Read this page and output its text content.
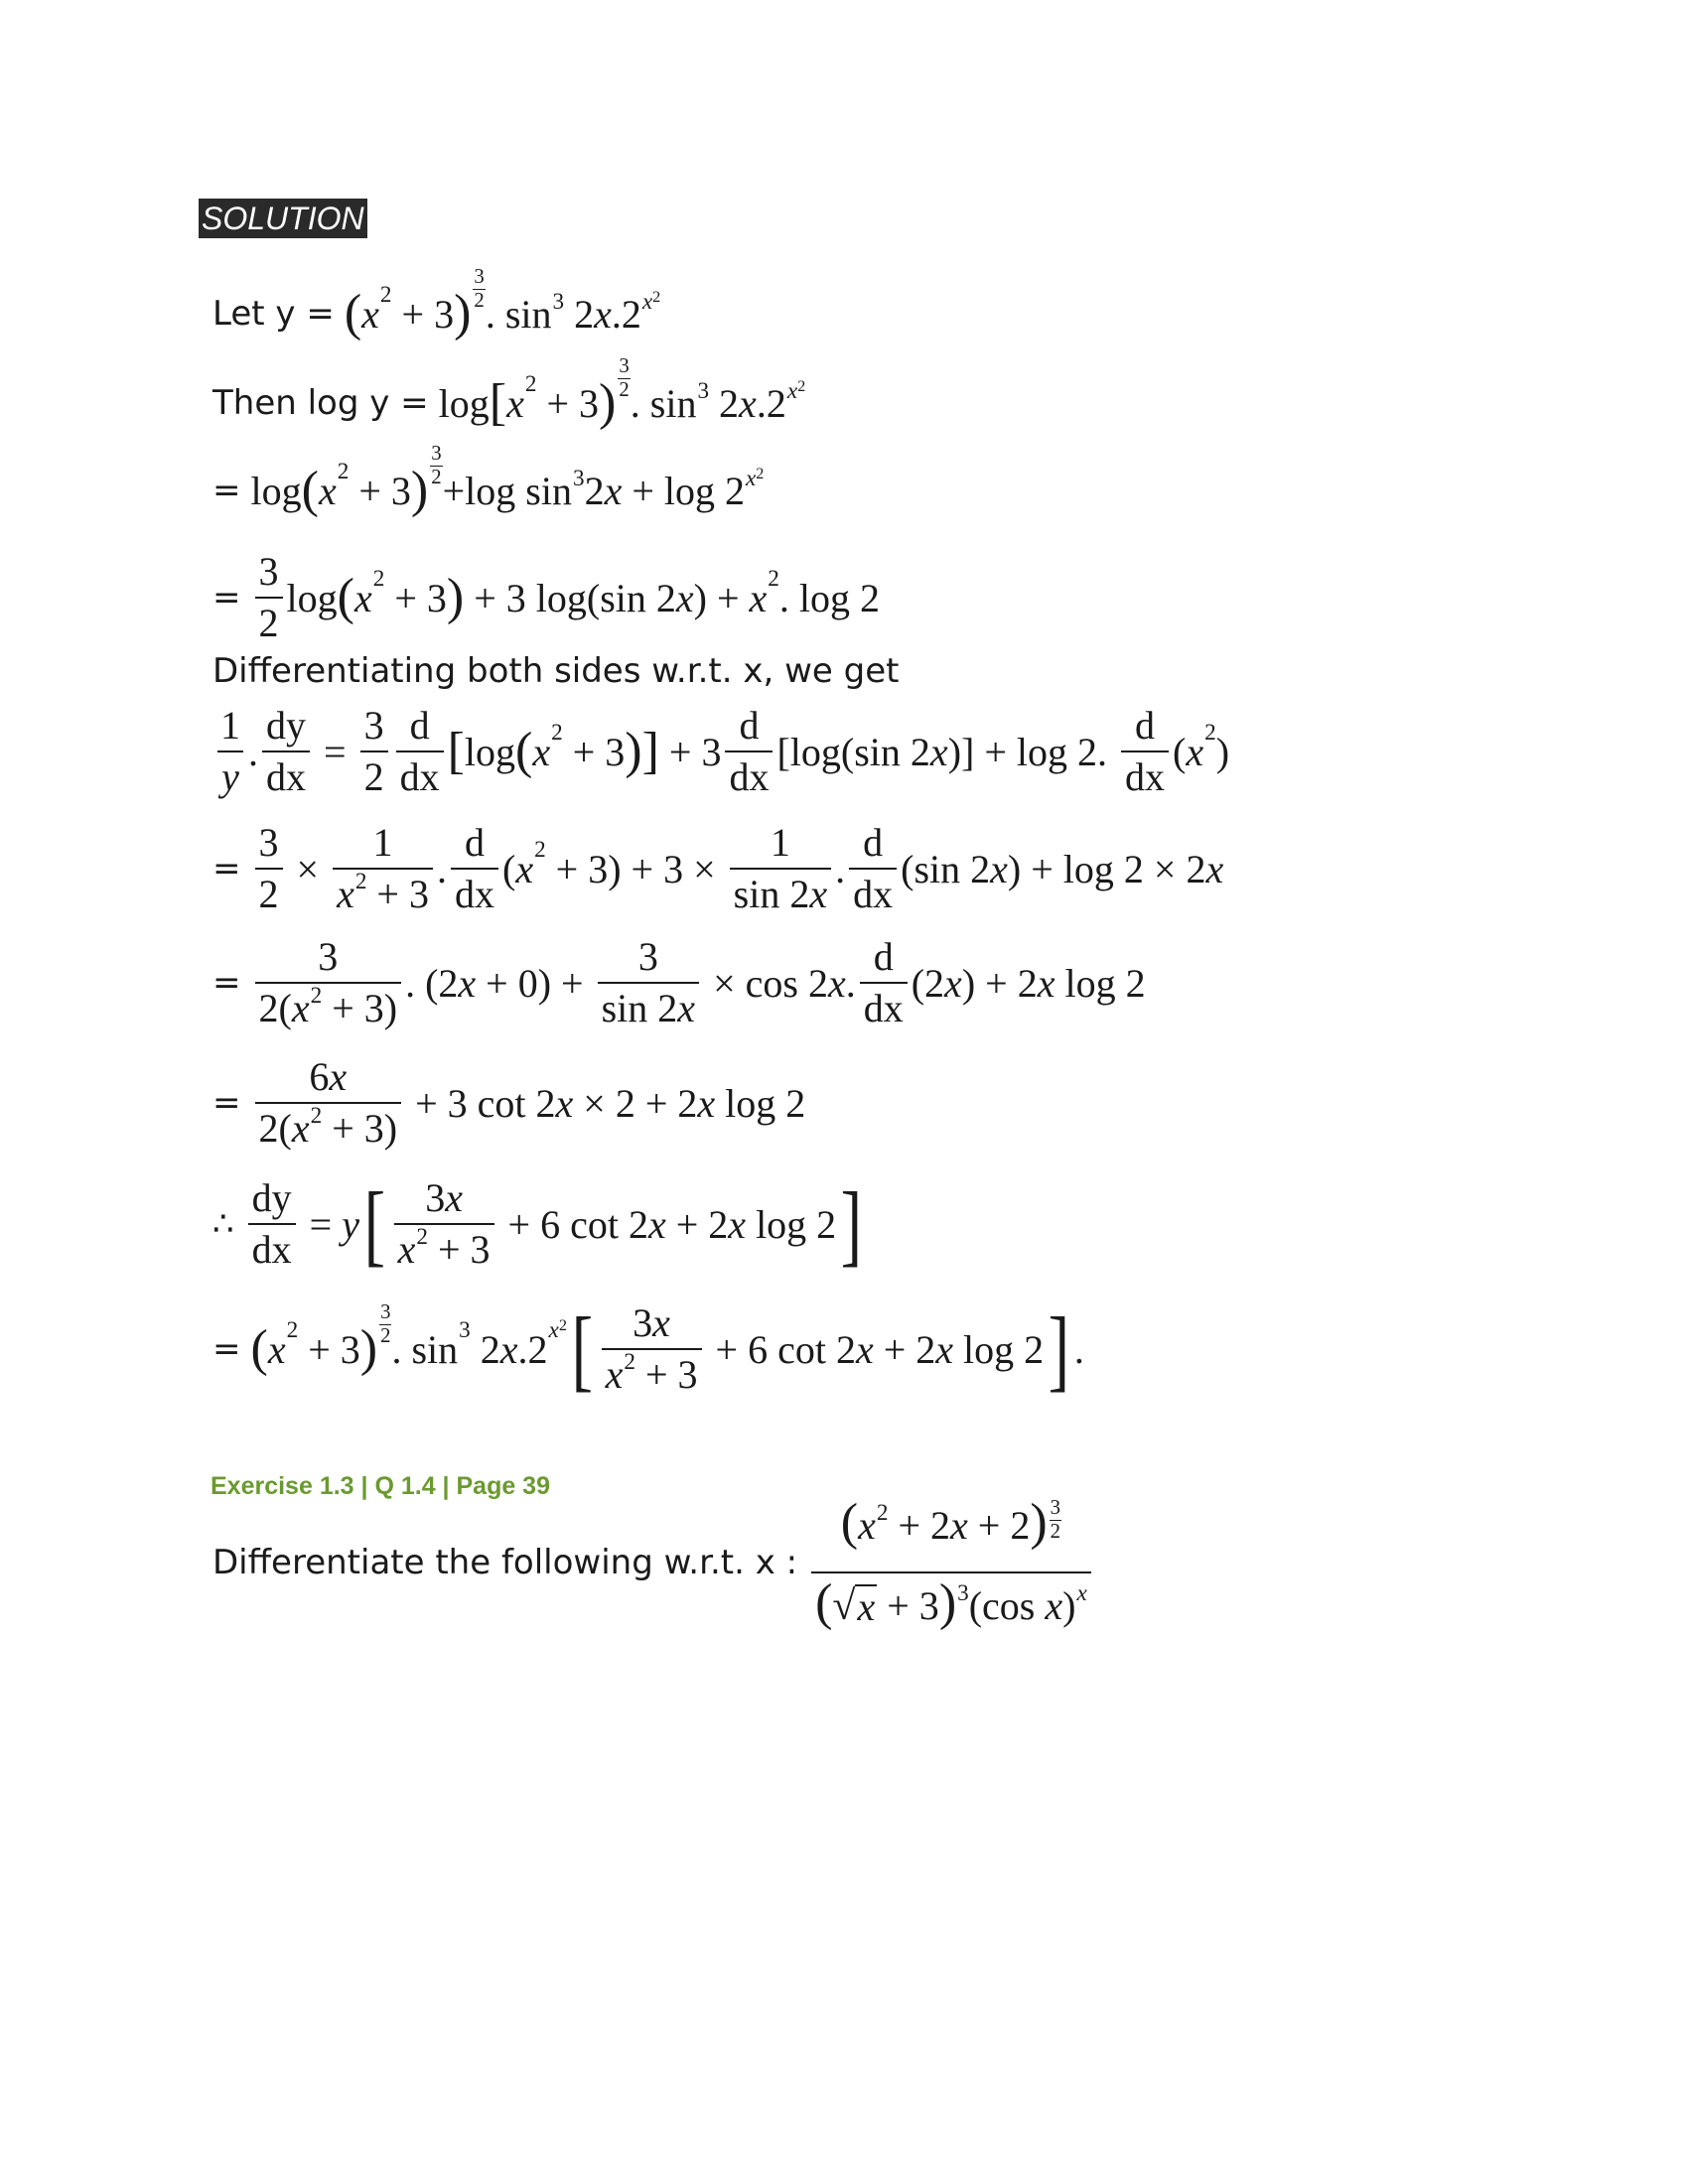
SOLUTION
Let y = ( x 2 + 3 ) $\frac{3}{2}$
. sin3 2x.2x2
Then log y = log [ x 2 + 3 ) $\frac{3}{2}$
. sin3 2x.2x2
= log ( x 2 + 3 ) $\frac{3}{2}$
+log sin32x + log 2x2
= $\frac{3}{2}$ log ( x 2 + 3 ) + 3 log(sin 2 x ) + x 2 . log 2
Differentiating both sides w.r.t. x, we get
$\frac{1}{y}$ . $\frac{dy}{dx} = \frac{3}{2} \frac{d}{dx}$ [ log ( x 2 + 3 ) ] + $3 \frac{d}{dx} [\log(\sin$ 2 x )] + log 2. $\frac{d}{dx}$ ( x 2 )
= $\frac{3}{2} \times \frac{1}{x2 + 3}$ . $\frac{d}{dx}$ ( x $2 + 3) + 3 \times \frac{1}{\sin 2x}$ . $\frac{d}{dx} (\sin$ 2 x ) + log 2 × 2 x
= $\frac{3}{2(x2 + 3)}$ . (2 $x + 0) + \frac{3}{\sin 2x} \times \cos 2$ x . $\frac{d}{dx} (2$ x ) + 2 x log 2
= $\frac{6x}{2(x2 + 3)} + 3$ cot 2 x × 2 + 2 x log 2
∴ $\frac{dy}{dx} = y$ [ $\frac{3x}{x2 + 3} + 6$ cot 2 x + 2 x log 2 ]
= ( x 2 + 3 ) $\frac{3}{2}$
. sin 3 2 x .2 x2 [ $\frac{3x}{x2 + 3} + 6$ cot 2 x + 2 x log 2 ] .
Exercise 1.3 | Q 1.4 | Page 39
Differentiate the following w.r.t. x : $\frac{(x2 + 2x + 2) \frac{3}{2}}{\text{( √ x + 3)3(cos x)x}}$
